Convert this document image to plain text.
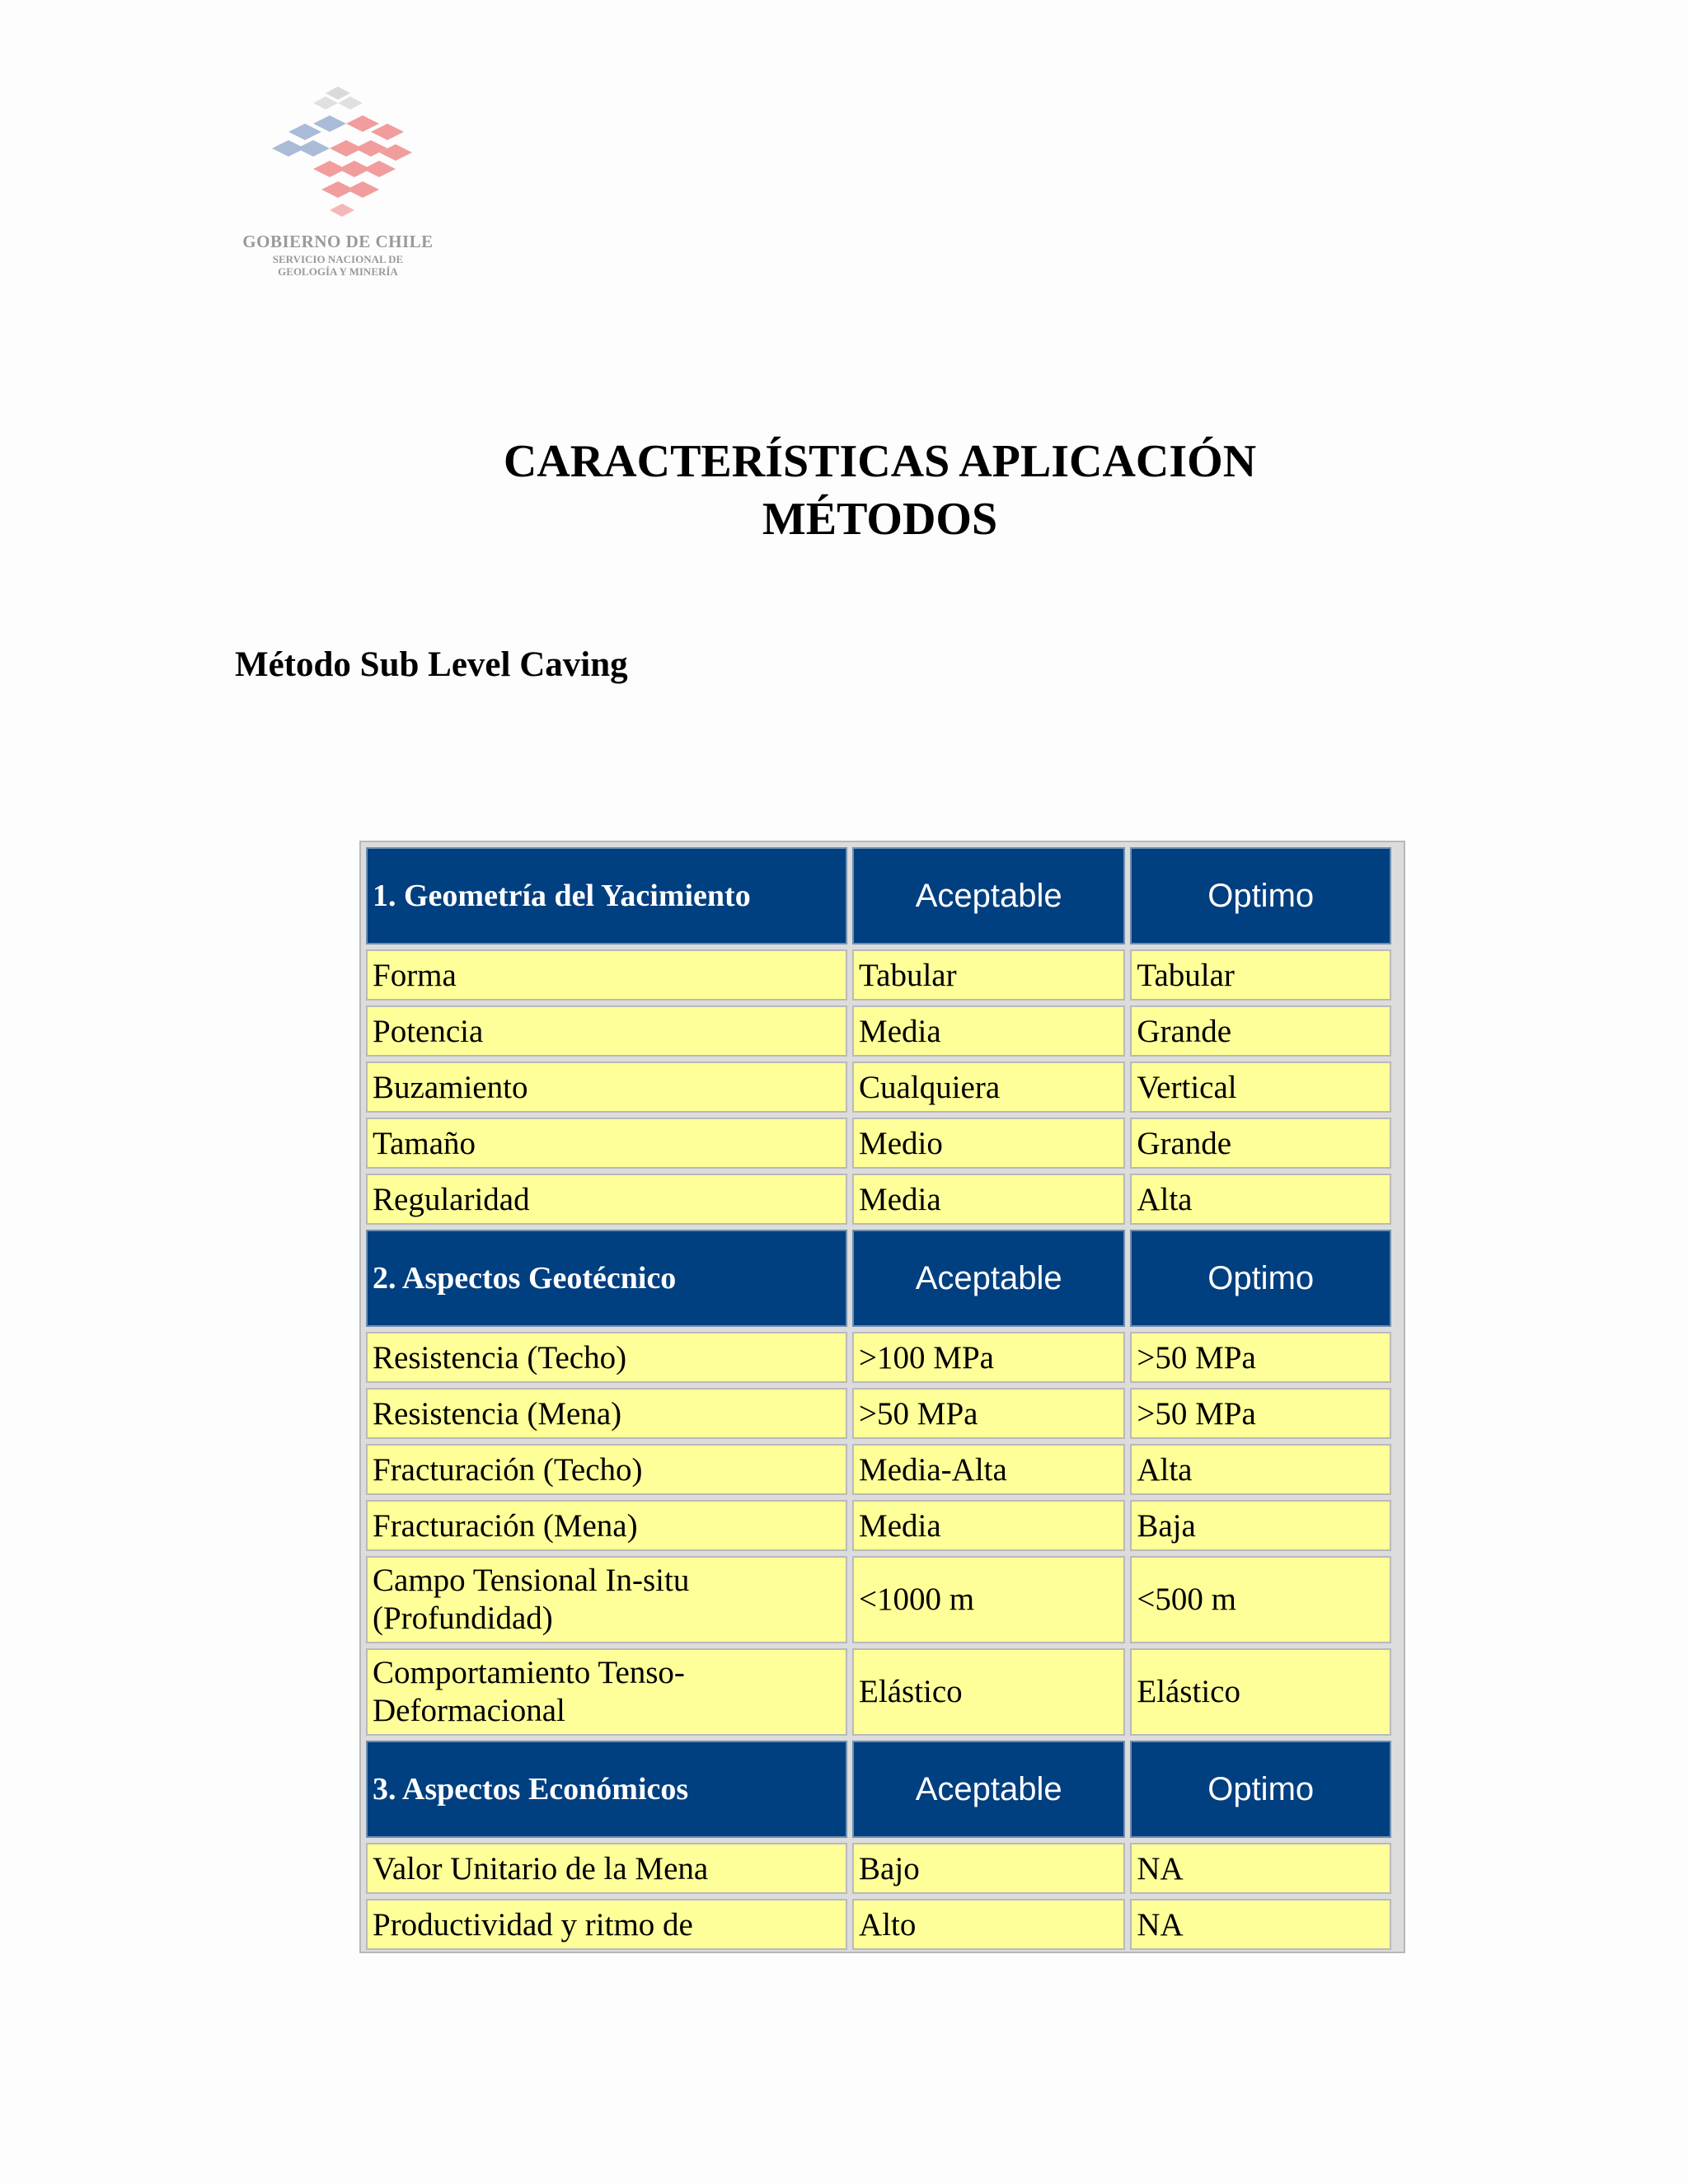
GOBIERNO DE CHILE
SERVICIO NACIONAL DE
GEOLOGÍA Y MINERÍA
CARACTERÍSTICAS APLICACIÓN
MÉTODOS
Método Sub Level Caving
1. Geometría del Yacimiento	Aceptable	Optimo
Forma	Tabular	Tabular
Potencia	Media	Grande
Buzamiento	Cualquiera	Vertical
Tamaño	Medio	Grande
Regularidad	Media	Alta
2. Aspectos Geotécnico	Aceptable	Optimo
Resistencia (Techo)	>100 MPa	>50 MPa
Resistencia (Mena)	>50 MPa	>50 MPa
Fracturación (Techo)	Media-Alta	Alta
Fracturación (Mena)	Media	Baja
Campo Tensional In-situ (Profundidad)	<1000 m	<500 m
Comportamiento Tenso-Deformacional	Elástico	Elástico
3. Aspectos Económicos	Aceptable	Optimo
Valor Unitario de la Mena	Bajo	NA
Productividad y ritmo de	Alto	NA
